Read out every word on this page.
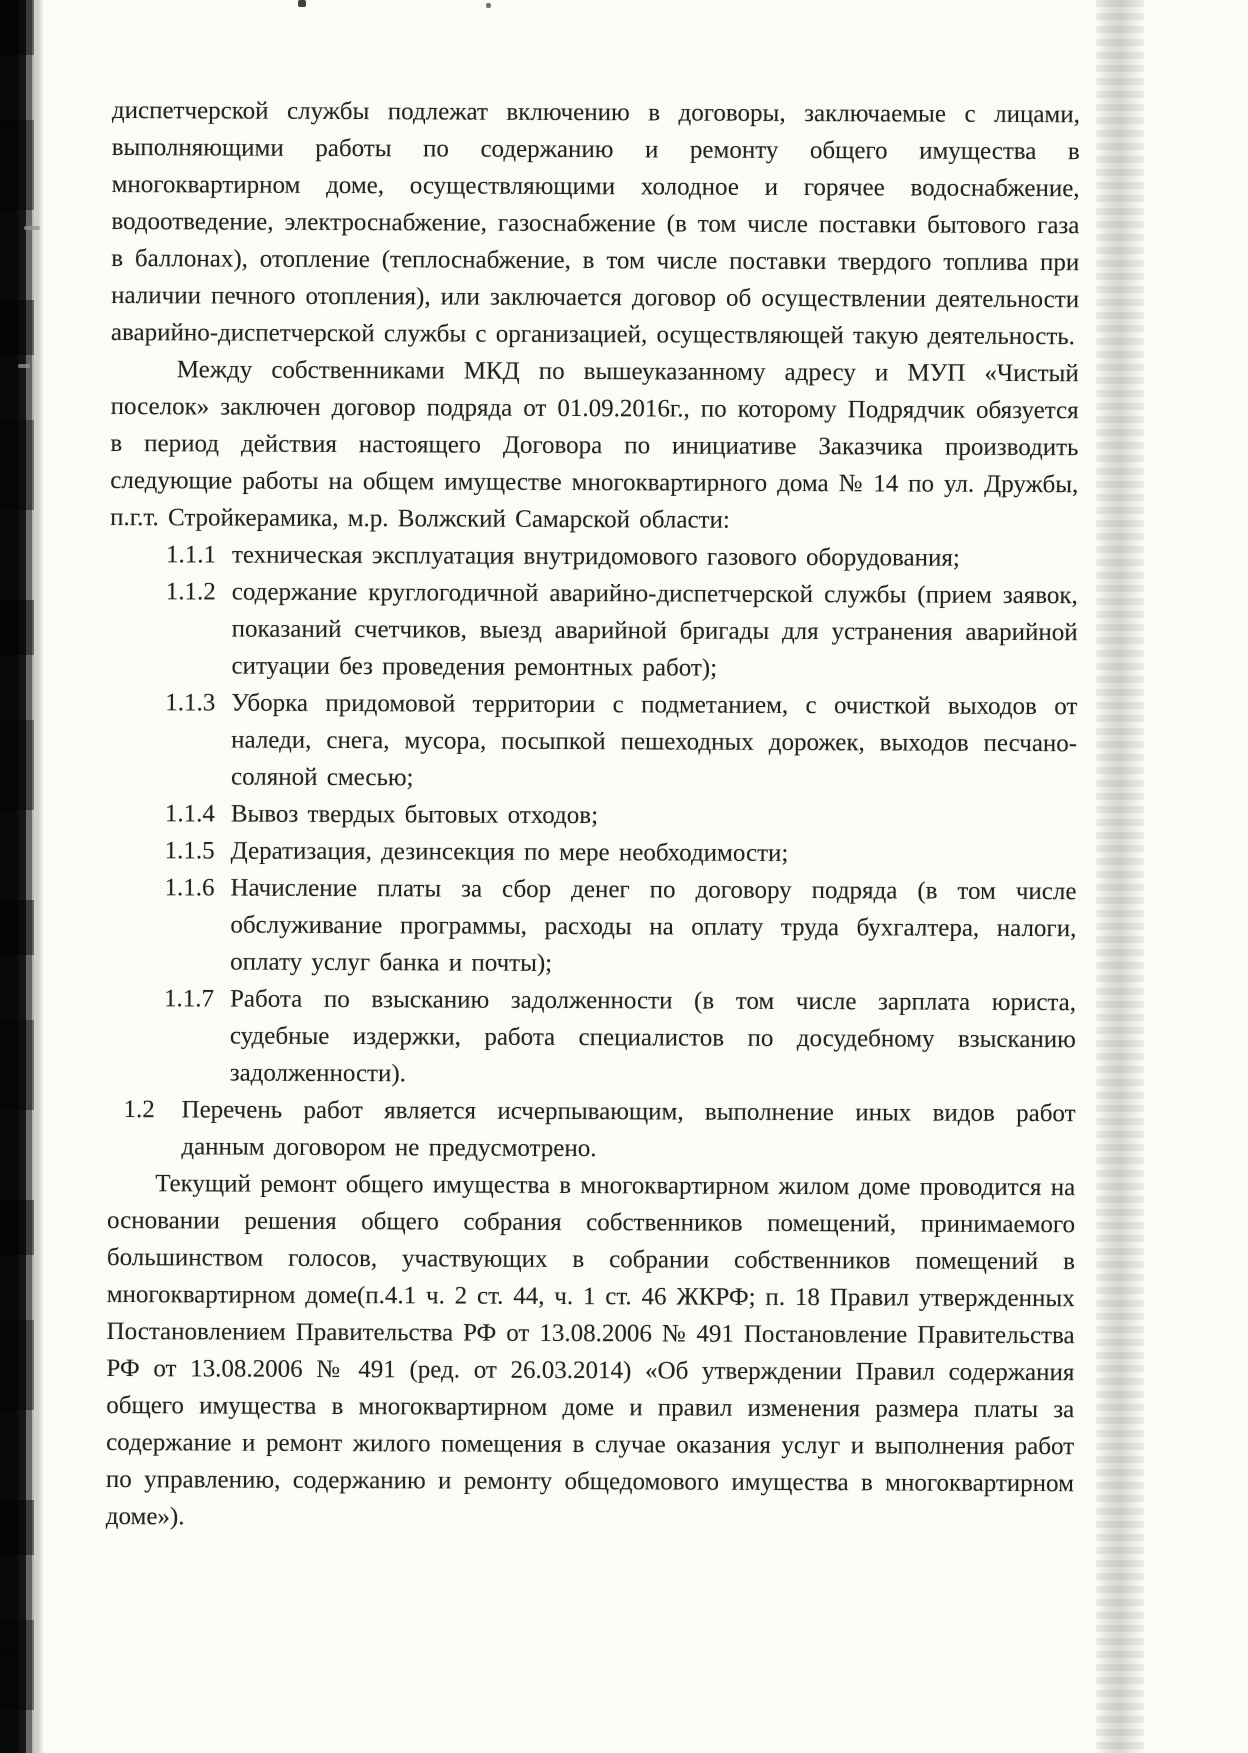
диспетчерской службы подлежат включению в договоры, заключаемые с лицами, выполняющими работы по содержанию и ремонту общего имущества в многоквартирном доме, осуществляющими холодное и горячее водоснабжение, водоотведение, электроснабжение, газоснабжение (в том числе поставки бытового газа в баллонах), отопление (теплоснабжение, в том числе поставки твердого топлива при наличии печного отопления), или заключается договор об осуществлении деятельности аварийно-диспетчерской службы с организацией, осуществляющей такую деятельность.

Между собственниками МКД по вышеуказанному адресу и МУП «Чистый поселок» заключен договор подряда от 01.09.2016г., по которому Подрядчик обязуется в период действия настоящего Договора по инициативе Заказчика производить следующие работы на общем имуществе многоквартирного дома № 14 по ул. Дружбы, п.г.т. Стройкерамика, м.р. Волжский Самарской области:

1.1.1 техническая эксплуатация внутридомового газового оборудования;
1.1.2 содержание круглогодичной аварийно-диспетчерской службы (прием заявок, показаний счетчиков, выезд аварийной бригады для устранения аварийной ситуации без проведения ремонтных работ);
1.1.3 Уборка придомовой территории с подметанием, с очисткой выходов от наледи, снега, мусора, посыпкой пешеходных дорожек, выходов песчано-соляной смесью;
1.1.4 Вывоз твердых бытовых отходов;
1.1.5 Дератизация, дезинсекция по мере необходимости;
1.1.6 Начисление платы за сбор денег по договору подряда (в том числе обслуживание программы, расходы на оплату труда бухгалтера, налоги, оплату услуг банка и почты);
1.1.7 Работа по взысканию задолженности (в том числе зарплата юриста, судебные издержки, работа специалистов по досудебному взысканию задолженности).
1.2	Перечень работ является исчерпывающим, выполнение иных видов работ данным договором не предусмотрено.

Текущий ремонт общего имущества в многоквартирном жилом доме проводится на основании решения общего собрания собственников помещений, принимаемого большинством голосов, участвующих в собрании собственников помещений в многоквартирном доме(п.4.1 ч. 2 ст. 44, ч. 1 ст. 46 ЖКРФ; п. 18 Правил утвержденных Постановлением Правительства РФ от 13.08.2006 № 491 Постановление Правительства РФ от 13.08.2006 № 491 (ред. от 26.03.2014) «Об утверждении Правил содержания общего имущества в многоквартирном доме и правил изменения размера платы за содержание и ремонт жилого помещения в случае оказания услуг и выполнения работ по управлению, содержанию и ремонту общедомового имущества в многоквартирном доме»).
